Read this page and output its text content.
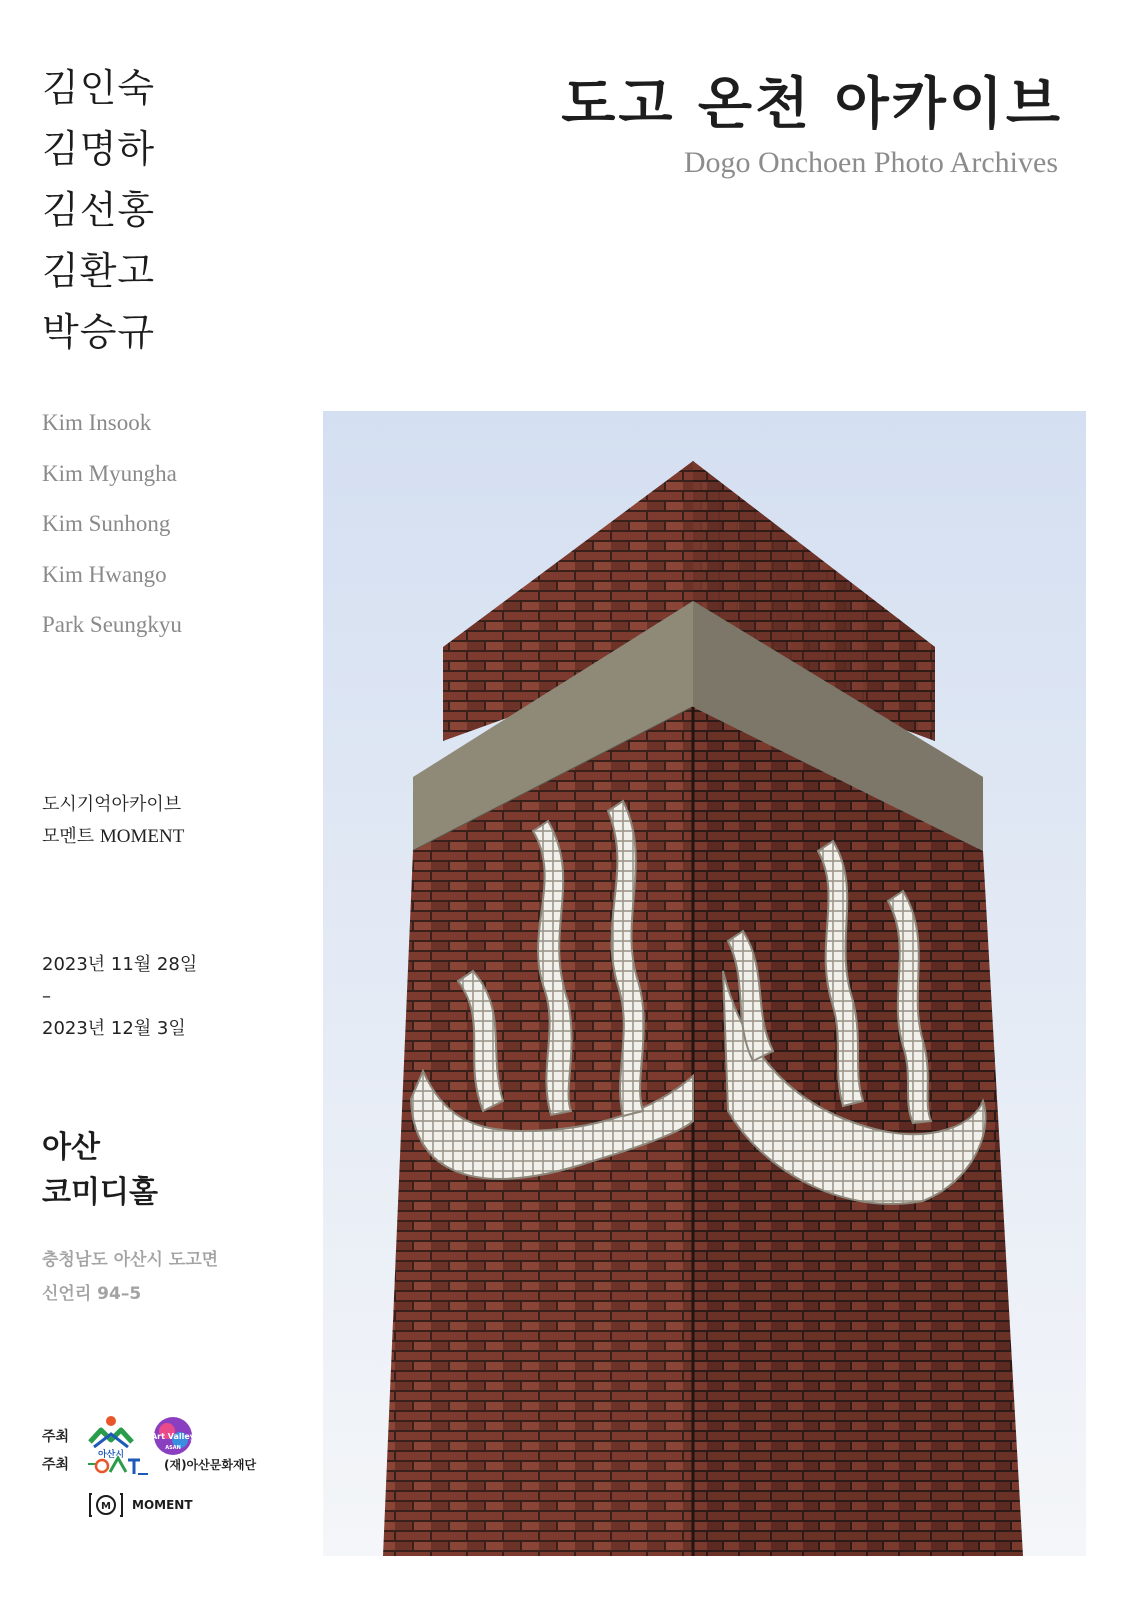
김인숙
김명하
김선홍
김환고
박승규
도고 온천 아카이브
Dogo Onchoen Photo Archives
Kim Insook
Kim Myungha
Kim Sunhong
Kim Hwango
Park Seungkyu
도시기억아카이브
모멘트 MOMENT
2023년 11월 28일
–
2023년 12월 3일
아산
코미디홀
충청남도 아산시 도고면
신언리 94–5
주최
아산시
Art Valley
ASAN
주최	(재)아산문화재단
M MOMENT
